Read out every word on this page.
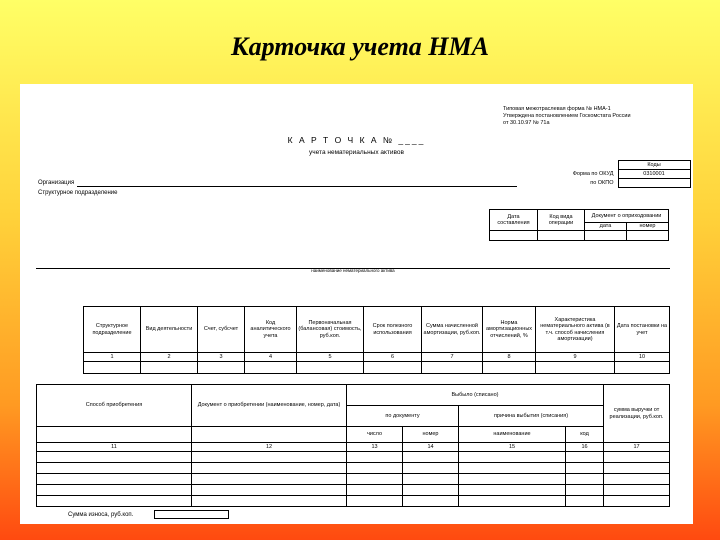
Карточка учета НМА
Типовая межотраслевая форма № НМА-1
Утверждена постановлением Госкомстата России
от 30.10.97 № 71а
К А Р Т О Ч К А № ____
учета нематериальных активов
	Коды
Форма по ОКУД	0310001
по ОКПО	
Организация
Структурное подразделение
Дата составления	Код вида операции	Документ о оприходовании	
		дата	номер

наименование нематериального актива
Структурное подразделение	Вид деятельности	Счет, субсчет	Код аналитического учета	Первоначальная (балансовая) стоимость, руб.коп.	Срок полезного использования	Сумма начисленной амортизации, руб.коп.	Норма амортизационных отчислений, %	Характеристика нематериального актива (в т.ч. способ начисления амортизации)	Дата постановки на учет
1	2	3	4	5	6	7	8	9	10

Способ приобретения	Документ о приобретении (наименование, номер, дата)	Выбыло (списано)				сумма выручки от реализации, руб.коп.
		по документу		причина выбытия (списания)		
		число	номер	наименование	код	
11	12	13	14	15	16	17

Сумма износа, руб.коп.
